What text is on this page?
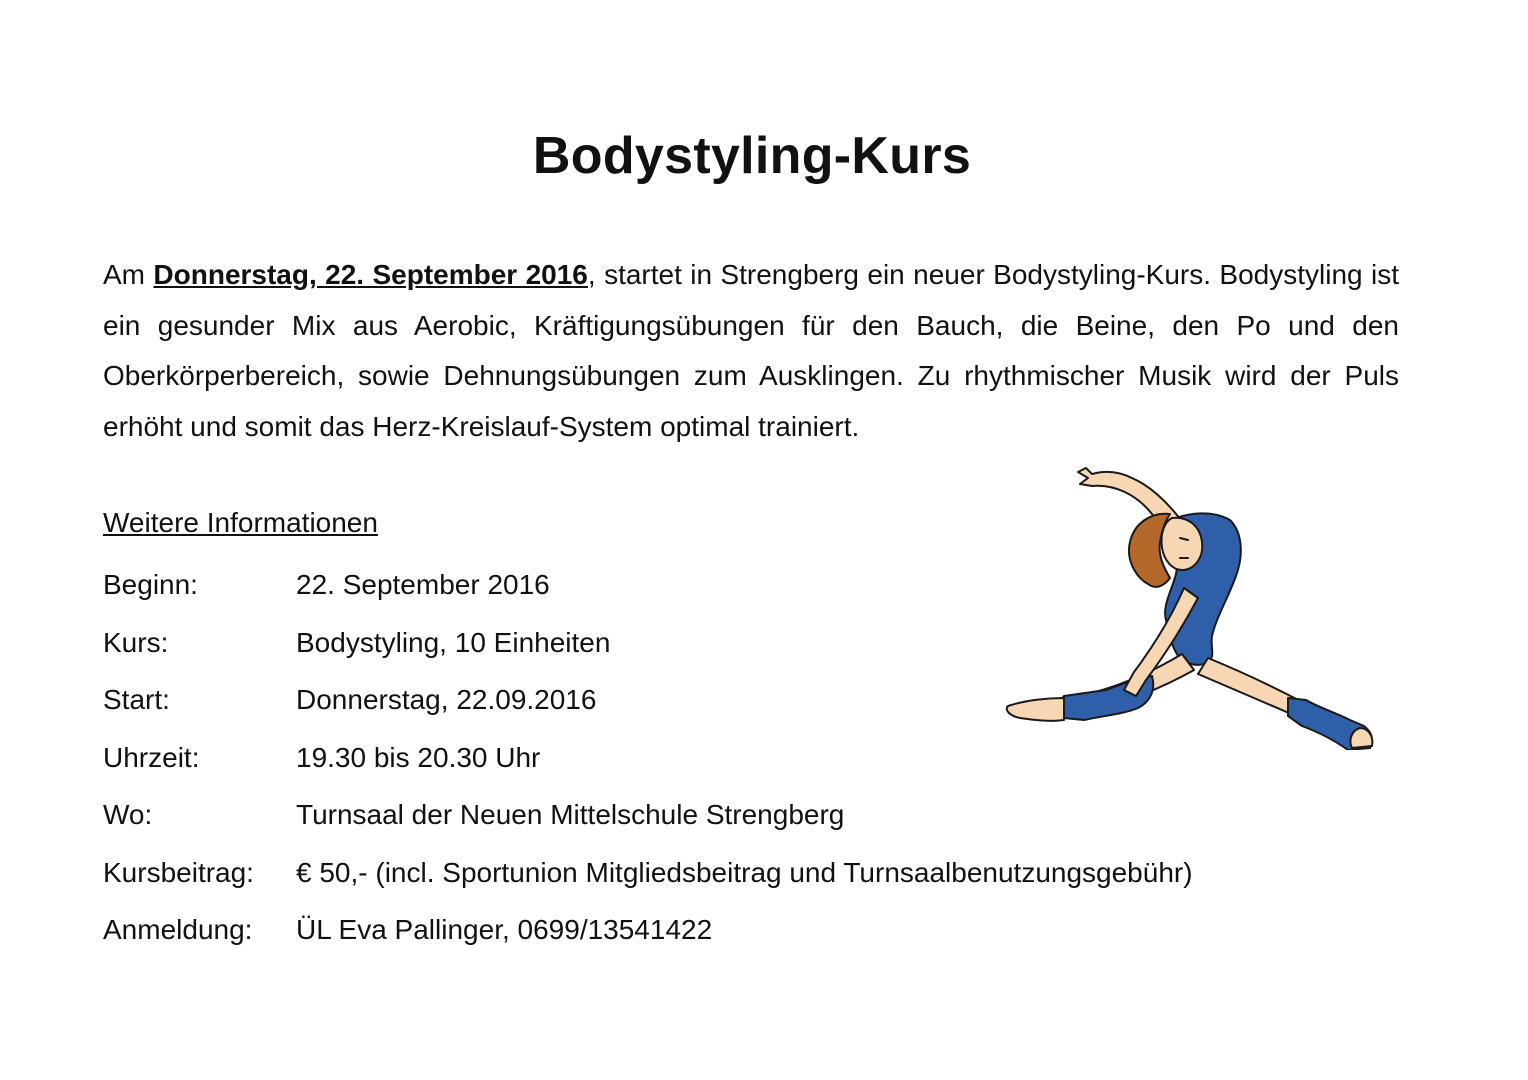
Bodystyling-Kurs

Am Donnerstag, 22. September 2016, startet in Strengberg ein neuer Bodystyling-Kurs. Bodystyling ist ein gesunder Mix aus Aerobic, Kräftigungsübungen für den Bauch, die Beine, den Po und den Oberkörperbereich, sowie Dehnungsübungen zum Ausklingen. Zu rhythmischer Musik wird der Puls erhöht und somit das Herz-Kreislauf-System optimal trainiert.

Weitere Informationen
Beginn:	22. September 2016
Kurs:	Bodystyling, 10 Einheiten
Start:	Donnerstag, 22.09.2016
Uhrzeit:	19.30 bis 20.30 Uhr
Wo:	Turnsaal der Neuen Mittelschule Strengberg
Kursbeitrag:	€ 50,- (incl. Sportunion Mitgliedsbeitrag und Turnsaalbenutzungsgebühr)
Anmeldung:	ÜL Eva Pallinger, 0699/13541422
